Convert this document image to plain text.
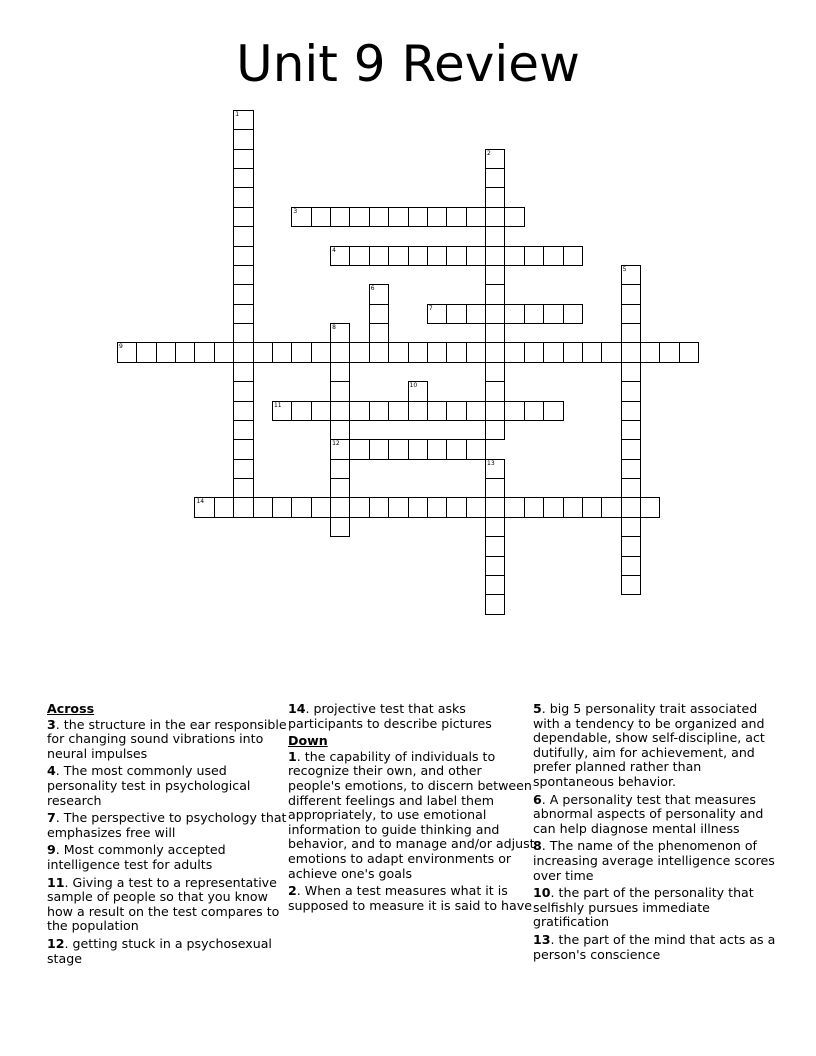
Unit 9 Review
1
2
3
4
5
6
7
8
12
9
10
11
13
14
Across
3. the structure in the ear responsible for changing sound vibrations into neural impulses
4. The most commonly used personality test in psychological research
7. The perspective to psychology that emphasizes free will
9. Most commonly accepted intelligence test for adults
11. Giving a test to a representative sample of people so that you know how a result on the test compares to the population
12. getting stuck in a psychosexual stage
14. projective test that asks participants to describe pictures
Down
1. the capability of individuals to recognize their own, and other people's emotions, to discern between different feelings and label them appropriately, to use emotional information to guide thinking and behavior, and to manage and/or adjust emotions to adapt environments or achieve one's goals
2. When a test measures what it is supposed to measure it is said to have
5. big 5 personality trait associated with a tendency to be organized and dependable, show self-discipline, act dutifully, aim for achievement, and prefer planned rather than spontaneous behavior.
6. A personality test that measures abnormal aspects of personality and can help diagnose mental illness
8. The name of the phenomenon of increasing average intelligence scores over time
10. the part of the personality that selfishly pursues immediate gratification
13. the part of the mind that acts as a person's conscience
